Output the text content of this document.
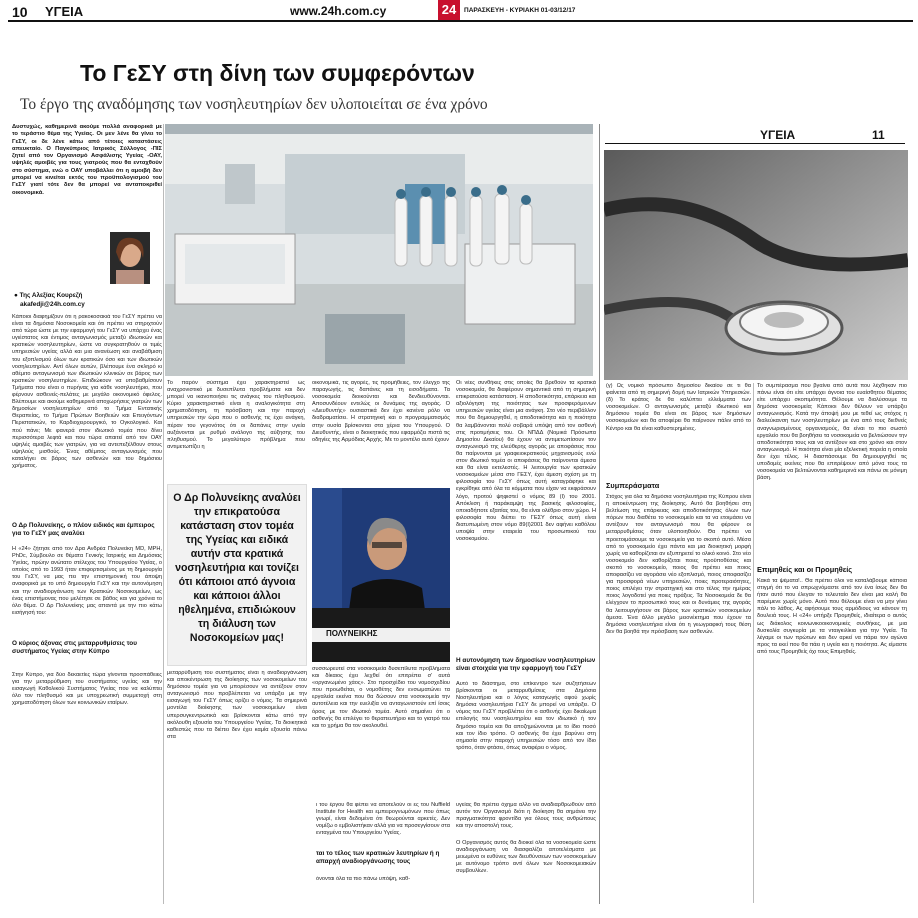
10 ΥΓΕΙΑ	www.24h.com.cy	24	ΠΑΡΑΣΚΕΥΗ - ΚΥΡΙΑΚΗ 01-03/12/17
Το ΓεΣΥ στη δίνη των συμφερόντων
Το έργο της αναδόμησης των νοσηλευτηρίων δεν υλοποιείται σε ένα χρόνο
Δυστυχώς, καθημερινά ακούμε πολλά αναφορικά με το τεράστιο θέμα της Υγείας. Οι μεν λένε θα γίνει το ΓεΣΥ, οι δε λένε κάτω από τέτοιες καταστάσεις απευκταίο. Ο Παγκύπριος Ιατρικός Σύλλογος -ΠΙΣ ζητεί από τον Οργανισμό Ασφάλισης Υγείας -ΟΑΥ, υψηλές αμοιβές για τους γιατρούς που θα ενταχθούν στο σύστημα, ενώ ο ΟΑΥ υποβάλλει ότι η αμοιβή δεν μπορεί να κινείται εκτός του προϋπολογισμού του ΓεΣΥ γιατί τότε δεν θα μπορεί να ανταποκριθεί οικονομικά.
● Της Αλεξίας Κουρεζή
akafedji@24h.com.cy
Κάποιοι διαφημίζουν ότι η ρακοκοσακιά του ΓεΣΥ πρέπει να είναι τα δημόσια Νοσοκομεία και ότι πρέπει να στηριχτούν από τώρα ώστε με την εφαρμογή του ΓεΣΥ να υπάρχει ένας υγιέστατος και έντιμος ανταγωνισμός μεταξύ ιδιωτικών και κρατικών νοσηλευτηρίων, ώστε να συγκρατηθούν οι τιμές υπηρεσιών υγείας αλλά και μια ανανέωση και αναβάθμιση του εξοπλισμού όλων των κρατικών όσο και των ιδιωτικών νοσηλευτηρίων. Αντί όλων αυτών, βλέπουμε ένα σκληρό κι αθέμιτο ανταγωνισμό των ιδιωτικών κλινικών σε βάρος των κρατικών νοσηλευτηρίων. Επιδιώκουν να υποβαθμίσουν Τμήματα που είναι ο πυρήνας για κάθε νοσηλευτήριο, που φέρνουν ασθενείς-πελάτες με μεγάλο οικονομικό όφελος. Βλέπουμε και ακούμε καθημερινά αποχωρήσεις γιατρών των δημοσίων νοσηλευτηρίων από το Τμήμα Εντατικής Θεραπείας, το Τμήμα Πρώτων Βοηθειών και Επειγόντων Περιστατικών, το Καρδιοχειρουργικό, το Ογκολογικό. Και πού πάνε; Με φανερά στον ιδιωτικό τομέα που δίνει περισσότερα λεφτά και που τώρα απαιτεί από τον ΟΑΥ υψηλές αμοιβές των γιατρών, για να αντεπεξέλθουν στους υψηλούς μισθούς. Ένας αθέμιτος ανταγωνισμός που καταλήγει σε βάρος των ασθενών και του δημόσιου χρήματος.
Ο Δρ Πολυνείκης, ο πλέον ειδικός και έμπειρος για το ΓεΣΥ μας αναλύει
Η «24» ζήτησε από τον Δρα Ανδρέα Πολυνείκη MD, MPH, PhDc, Σύμβουλο σε θέματα Γενικής Ιατρικής και Δημόσιας Υγείας, πρώην ανώτατο στέλεχος του Υπουργείου Υγείας, ο οποίος από το 1993 ήταν επιφορτισμένος με τη δημιουργία του ΓεΣΥ, να μας πει την επιστημονική του άποψη αναφορικά με το υπό δημιουργία ΓεΣΥ και την αυτονόμηση και την αναδιοργάνωση των Κρατικών Νοσοκομείων, ως ένας επιστήμονας που μελέτησε σε βάθος και για χρόνια το όλο θέμα. Ο Δρ Πολυνείκης μας απαντά με την πιο κάτω εισήγησή του:
Ο κύριος άξονας στις μεταρρυθμίσεις του συστήματος Υγείας στην Κύπρο
Στην Κύπρο, για δύο δεκαετίες τώρα γίνονται προσπάθειες για την μεταρρύθμιση του συστήματος υγείας και την εισαγωγή Καθολικού Συστήματος Υγείας που να καλύπτει όλο τον πληθυσμό και με υποχρεωτική συμμετοχή στη χρηματοδότηση όλων των κοινωνικών εταίρων.
Το παρόν σύστημα έχει χαρακτηριστεί ως αναχρονιστικό με δυσεπίλυτα προβλήματα και δεν μπορεί να ικανοποιήσει τις ανάγκες του πληθυσμού. Κύριο χαρακτηριστικό είναι η αναλογικότητα στη χρηματοδότηση, τη πρόσβαση και την παροχή υπηρεσιών την ώρα που ο ασθενής τις έχει ανάγκη, πέραν του γεγονότος ότι οι δαπάνες στην υγεία αυξάνονται με ρυθμό ανάλογο της αύξησης του πληθυσμού. Το μεγαλύτερο πρόβλημα που αντιμετωπίζει η
οικονομικά, τις αγορές, τις προμήθειες, τον έλεγχο της παραγωγής, τις δαπάνες και τη εισοδήματα. Τα νοσοκομεία διοικούνται και δενδιευθύνονται. Αποσυνδέουν εντελώς οι δυνάμεις της αγοράς. Ο «Διευθυντής» ουσιαστικά δεν έχει κανένα ρόλο να διαδραματίσει. Η στρατηγική και ο προγραμματισμός στην ουσία βρίσκονται στα χέρια του Υπουργού. Ο Διευθυντής, είναι ο διοικητικός που εφαρμόζει πιστά τις οδηγίες της Αρμόδιας Αρχής. Με το μοντέλο αυτό έχουν
Οι νέες συνθήκες στις οποίες θα βρεθούν τα κρατικά νοσοκομεία, θα διαφέρουν σημαντικά από τη σημερινή επικρατούσα κατάσταση. Η αποδοτικότητα, επάρκεια και αξιολόγηση της ποιότητας των προσφερόμενων υπηρεσιών υγείας είναι μια ανάγκη. Στο νέο περιβάλλον που θα δημιουργηθεί, η αποδοτικότητα και η ποιότητα θα λαμβάνονται πολύ σοβαρά υπόψη από τον ασθενή στις προτιμήσεις του. Οι ΝΠΔΔ (Νομικά Πρόσωπα Δημοσίου Δικαίου) θα έχουν να αντιμετωπίσουν τον ανταγωνισμό της ελεύθερης αγοράς με αποφάσεις που θα παίρνονται με γραφειοκρατικούς μηχανισμούς ενώ στον ιδιωτικό τομέα οι αποφάσεις θα παίρνονται άμεσα και θα είναι εκτελεστές. Η λειτουργία των κρατικών νοσοκομείων μέσα στο ΓΕΣΥ, έχει άμεση σχέση με τη φιλοσοφία του ΓεΣΥ όπως αυτή καταγράφηκε και εγκρίθηκε από όλα τα κόμματα που είχαν να εκφράσουν λόγο, προτού ψηφιστεί ο νόμος 89 (Ι) του 2001. Απόκλιση ή παράκαμψη της βασικής φιλοσοφίας, οποιαδήποτε εξαιτίας του, θα είναι ολέθριο στον χώρο. Η φιλοσοφία που διέπει το ΓΕΣΥ όπως αυτή είναι διατυπωμένη στον νόμο 89(Ι)2001 δεν αφήνει καθόλου υποψία στην εταιρεία του προσωπικού του νοσοκομείου.
Η αυτονόμηση των δημοσίων νοσηλευτηρίων είναι στοιχεία για την εφαρμογή του ΓεΣΥ
Αυτό το διάστημα, στο επίκεντρο των συζητήσεων βρίσκονται οι μεταρρυθμίσεις στα Δημόσια Νοσηλευτήρια και ο λόγος καταγωγής αφού χωρίς δημόσια νοσηλευτήρια ΓεΣΥ δε μπορεί να υπάρξει. Ο νόμος του ΓεΣΥ προβλέπει ότι ο ασθενής έχει δικαίωμα επιλογής του νοσηλευτηρίου και τον ιδιωτικό ή τον δημόσιο τομέα και θα αποζημιώνονται με το ίδιο ποσό και τον ίδιο τρόπο. Ο ασθενής θα έχει βαρύνει στη σημασία στην παροχή υπηρεσιών τόσο από τον ίδιο τρόπο, όταν φτάσει, όπως αναφέρει ο νόμος.
Ο Δρ Πολυνείκης αναλύει την επικρατούσα κατάσταση στον τομέα της Υγείας και ειδικά αυτήν στα κρατικά νοσηλευτήρια και τονίζει ότι κάποιοι από άγνοια και κάποιοι άλλοι ηθελημένα, επιδιώκουν τη διάλυση των Νοσοκομείων μας!	ΠΟΛΥΝΕΙΚΗΣ
μεταρρύθμιση του συστήματος είναι η αναδιοργάνωση και αποκέντρωση της διοίκησης των νοσοκομείων του δημόσιου τομέα για να μπορέσουν να αντέξουν στον ανταγωνισμό που προβλέπεται να υπάρξει με την εισαγωγή του ΓεΣΥ όπως ορίζει ο νόμος. Τα σημερινά μοντέλα διοίκησης των νοσοκομείων είναι υπερσυγκεντρωτικά και βρίσκονται κάτω από την ακόλουθη εξουσία του Υπουργείου Υγείας. Τα διοικητικά καθεστώς που τα διέπει δεν έχει καμία εξουσία πάνω στα
συσσωρευτεί στα νοσοκομεία δυσεπίλυτα προβλήματα και δίκαιος έχει λεχθεί ότι επιτρέπει σ' αυτά «οργανωμένο χάος». Στο προσχέδιο του νομοσχεδίου που προωθείται, ο νομοθέτης δεν ενσωματώνει τα εργαλεία εκείνα που θα δώσουν στα νοσοκομεία την αυτοτέλεια και την ευελιξία να ανταγωνιστούν επί ίσοις όροις με τον ιδιωτικό τομέα. Αυτό σημαίνει ότι ο ασθενής θα επιλέγει το θεραπευτήριο και το γιατρό του και το χρήμα θα τον ακολουθεί.
ι του έργου θα φέπει να αποτελούν οι ες του Nuffield Institute for Health και εμπειρογνωμόνων που όπως γνωρί, είναι δεδομένα ότι θεωρούνται αρκετές. Δεν νομίζω ο εμβολιστήκαν αλλά για να προσεγγίσουν στα ενταγμένα του Υπουργείου Υγείας.
ται το τέλος των κρατικών λευτηρίων ή η απαρχή αναδιοργάνωσης τους
όνονται όλα τα πιο πάνω υπόψη, καθ-
υγείας θα πρέπει όχημα αλλο να αναδιαρθρωθούν από αυτόν τον Οργανισμό διότι η διοίκηση θα σημάνει την πραγματικότητα φροντίδα για όλους τους ανθρώπους και την αποστολή τους.
Ο Οργανισμός αυτός θα διοικεί όλα τα νοσοκομεία ώστε αναδιοργάνωση να διασφαλίζει αποτελέσματα με μειωμένα οι ευθύνες των διευθύνσεων των νοσοκομείων με αυτόνομο τρόπο αντί όλων των Νοσοκομειακών συμβουλίων.
ΥΓΕΙΑ	11
(γ) Ως νομικό πρόσωπο δημοσίου δικαίου σε τι θα φαίνεται από τη σημερινή δομή των Ιατρικών Υπηρεσιών. (δ) Το κράτος δε θα καλύπτει ελλείμματα των νοσοκομείων. Ο ανταγωνισμός μεταξύ ιδιωτικού και δημόσιου τομέα θα είναι σε βάρος των δημόσιων νοσοκομείων και θα αποφέρει θα παίρνουν πάλιν από το Κέντρο και θα είναι καθυστερημένες.
Συμπεράσματα
Στόχος για όλα τα δημόσια νοσηλευτήρια της Κύπρου είναι η αποκέντρωση της διοίκησης. Αυτό θα βοηθήσει στη βελτίωση της επάρκειας και αποδοτικότητας όλων των πόρων που διαθέτει το νοσοκομείο και τα να ετοιμάσει να αντέξουν τον ανταγωνισμό που θα φέρουν οι μεταρρυθμίσεις όταν υλοποιηθούν. Θα πρέπει να προετοιμάσουμε τα νοσοκομεία για το σκοπό αυτό. Μέσα από το γοσοκομείο έχει πάντα και μια διοικητική μορφή χωρίς να καθορίζεται αν εξυπηρετεί το ολικό κοινό. Στο νέο νοσοκομείο δεν καθορίζεται ποιες προϋποθέσεις και σκοπό το νοσοκομείο, ποιος θα πρέπει και ποιος αποφασίζει να αγοράσει νέο εξοπλισμό, ποιος αποφασίζει για προσφορά νέων υπηρεσιών, ποιες προτεραιότητες, ποιος επιλέγει την στρατηγική και στο τέλος την ημέρας ποιος λογοδοτεί για ποιες πράξεις. Τα Νοσοκομεία δε θα ελέγχουν το προσωπικό τους και οι δυνάμεις της αγοράς θα λειτουργήσουν σε βάρος των κρατικών νοσοκομείων άμεσα. Ένα άλλο μεγάλο μειονέκτημα που έχουν τα δημόσια νοσηλευτήρια είναι ότι η γεωγραφική τους θέση δεν θα βοηθά την πρόσβαση των ασθενών.
Το συμπέρασμα που βγαίνει από αυτά που λέχθηκαν πιο πάνω είναι ότι είτε υπάρχει άγνοια του ευαίσθητου θέματος είτε υπάρχει σκοπιμότητα. Θέλουμε να διαλύσουμε τα δημόσια νοσοκομεία; Κάποιοι δεν θέλουν να υπάρξει ανταγωνισμός. Κατά την άποψή μου με τεθεί ως στόχος η διαλεύκανση των νοσηλευτηρίων με ένα από τους διεθνείς αναγνωρισμένους οργανισμούς, θα είναι το πιο σωστό εργαλείο που θα βοηθήσει τα νοσοκομεία να βελτιώσουν την αποδοτικότητα τους και να αντέξουν και στο χρόνο και στον ανταγωνισμό. Η ποιότητα είναι μία εξελικτική πορεία η οποία δεν έχει τέλος. Η διασπάσουμε θα δημιουργηθεί τις υποδομές εκείνες που θα επιτρέψουν από μόνα τους τα νοσοκομεία να βελτιώνονται καθημερινά και πάνω σε μόνιμη βάση.
Επιμηθείς και οι Προμηθείς
Κακά τα ψέματα!.. Θα πρέπει όλοι να καταλάβουμε κάποια στιγμή ότι το να σπρωχνόμαστε από τον ένα ίσως δεν θα ήταν αυτό που έλεγαν το τελευταίο δεν είναι μια καλή θα παρέμενε χωρίς μόνο. Αυτό που θέλουμε είναι να μην γίνει πάλι το λάθος. Ας αφήσουμε τους αρμόδιους να κάνουν τη δουλειά τους. Η «24» υπήρξε Προμηθείς, ιδιαίτερα ο αυτός ως διάκολος κοινωνικοοικονομικές συνθήκες, με μια δυσκολία συγκυρία με τα νταιγκιλίκια για την Υγεία. Τα λέγαμε οι των πρώτων και δεν αρκεί να πάρει τον αγώνα προς τα εκεί που θα πάει η υγεία και η ποιότητα. Ας είμαστε από τους Προμηθείς όχι τους Επιμηθείς.
